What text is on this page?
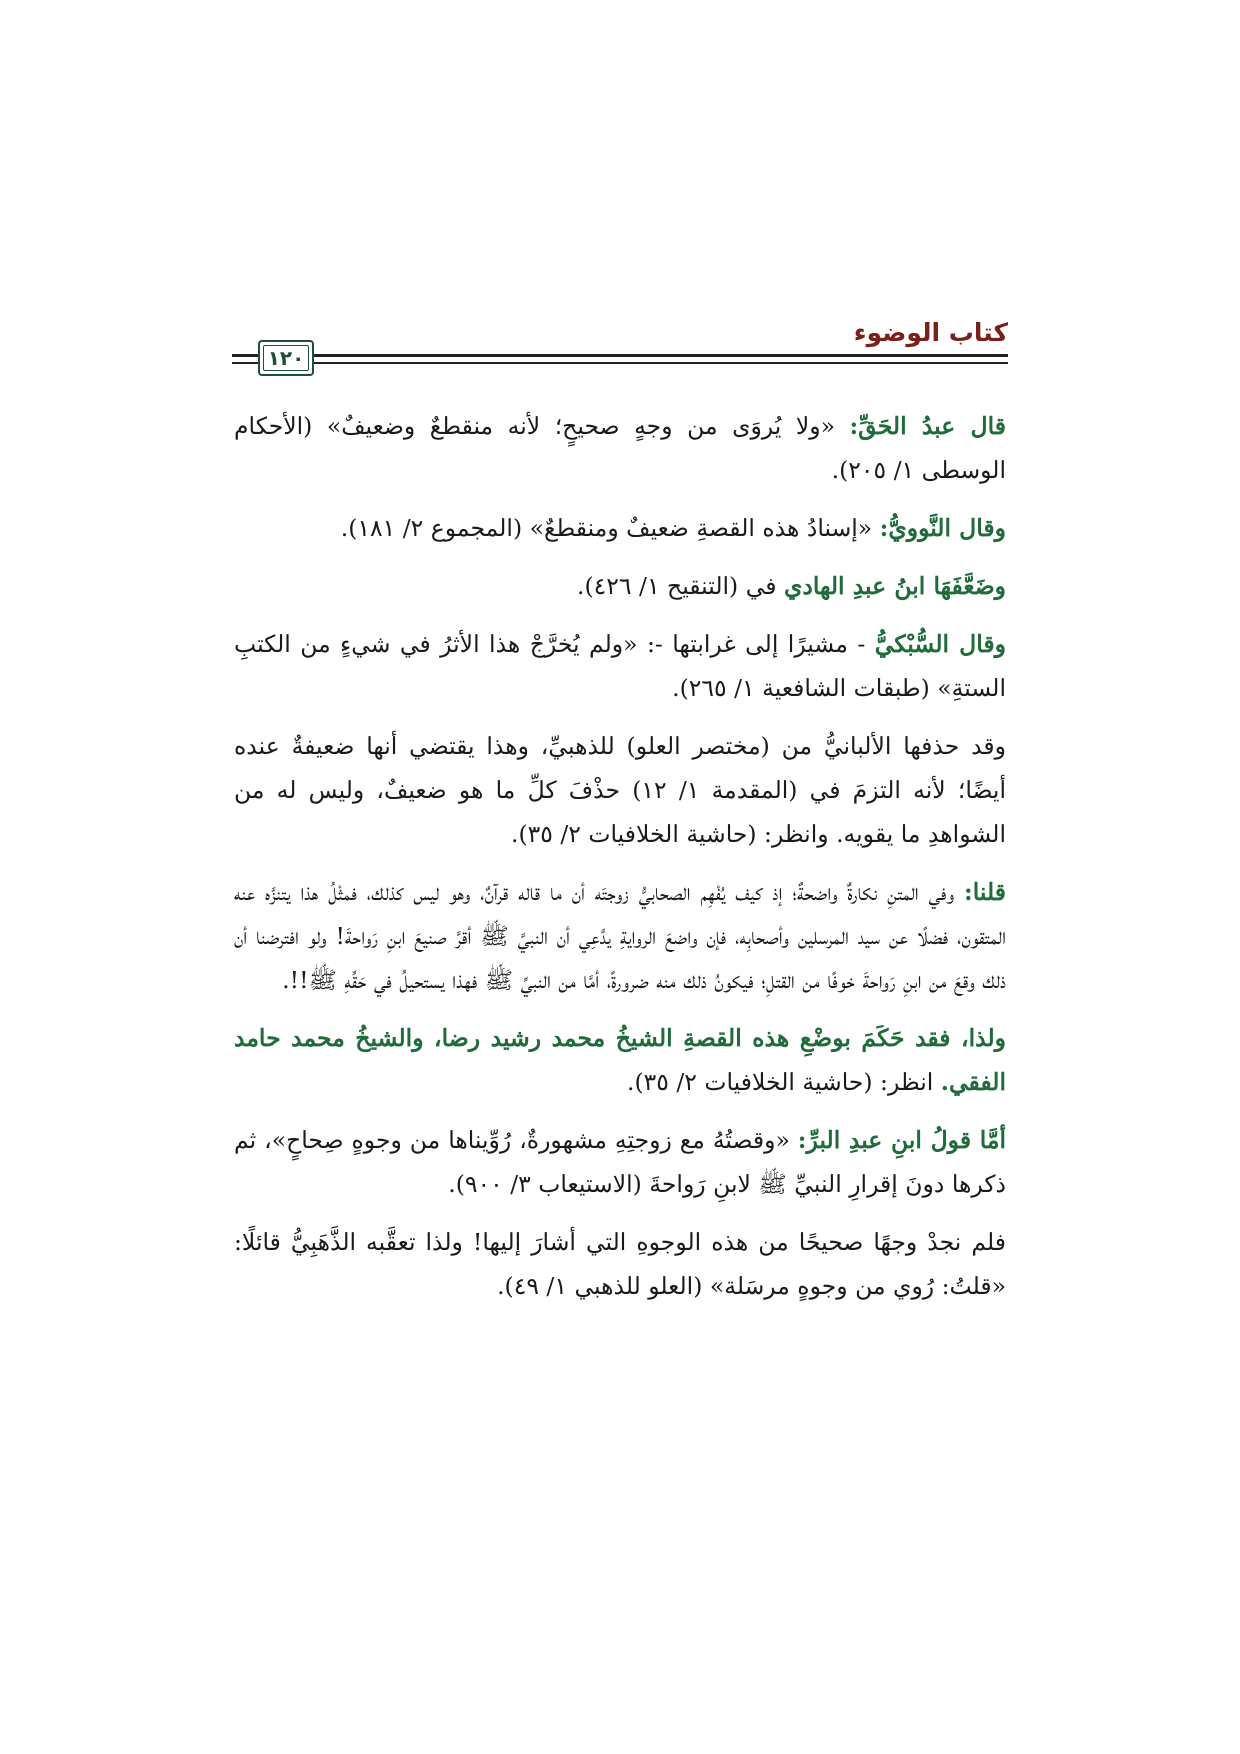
كتاب الوضوء
١٢٠

قال عبدُ الحَقِّ: «ولا يُروَى من وجهٍ صحيحٍ؛ لأنه منقطعٌ وضعيفٌ» (الأحكام الوسطى ١/ ٢٠٥).

وقال النَّوويُّ: «إسنادُ هذه القصةِ ضعيفٌ ومنقطعٌ» (المجموع ٢/ ١٨١).

وضَعَّفَهَا ابنُ عبدِ الهادي في (التنقيح ١/ ٤٢٦).

وقال السُّبْكيُّ - مشيرًا إلى غرابتها -: «ولم يُخرَّجْ هذا الأثرُ في شيءٍ من الكتبِ الستةِ» (طبقات الشافعية ١/ ٢٦٥).

وقد حذفها الألبانيُّ من (مختصر العلو) للذهبيِّ، وهذا يقتضي أنها ضعيفةٌ عنده أيضًا؛ لأنه التزمَ في (المقدمة ١/ ١٢) حذْفَ كلِّ ما هو ضعيفٌ، وليس له من الشواهدِ ما يقويه. وانظر: (حاشية الخلافيات ٢/ ٣٥).

قلنا: وفي المتنِ نكارةٌ واضحةٌ؛ إذ كيف يُفْهِم الصحابيُّ زوجتَه أن ما قاله قرآنٌ، وهو ليس كذلك، فمثْلُ هذا يتنزَّه عنه المتقون، فضلًا عن سيد المرسلين وأصحابِه، فإن واضعَ الروايةِ يدَّعِي أن النبيَّ ﷺ أقرَّ صنيعَ ابنِ رَواحةَ! ولو افترضنا أن ذلك وقعَ من ابنِ رَواحةَ خوفًا من القتلِ؛ فيكونُ ذلك منه ضرورةً، أمَّا من النبيِّ ﷺ فهذا يستحيلُ في حَقِّهِ ﷺ!!.

ولذا، فقد حَكَمَ بوضْعِ هذه القصةِ الشيخُ محمد رشيد رضا، والشيخُ محمد حامد الفقي. انظر: (حاشية الخلافيات ٢/ ٣٥).

أمَّا قولُ ابنِ عبدِ البرِّ: «وقصتُهُ مع زوجتِهِ مشهورةٌ، رُوِّيناها من وجوهٍ صِحاحٍ»، ثم ذكرها دونَ إقرارِ النبيِّ ﷺ لابنِ رَواحةَ (الاستيعاب ٣/ ٩٠٠).

فلم نجدْ وجهًا صحيحًا من هذه الوجوهِ التي أشارَ إليها! ولذا تعقَّبه الذَّهَبِيُّ قائلًا: «قلتُ: رُوي من وجوهٍ مرسَلة» (العلو للذهبي ١/ ٤٩).
